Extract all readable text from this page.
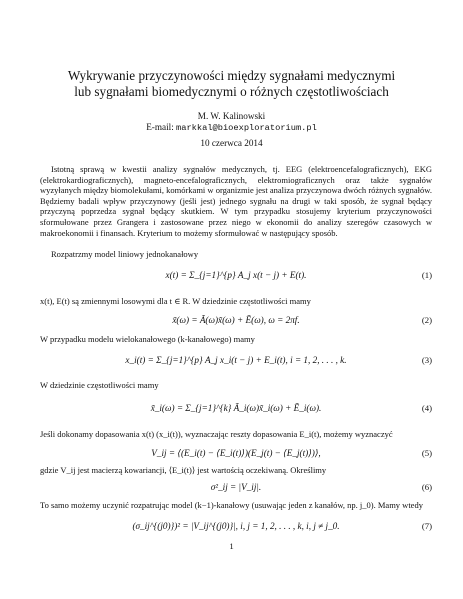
Wykrywanie przyczynowości między sygnałami medycznymi
lub sygnałami biomedycznymi o różnych częstotliwościach
M. W. Kalinowski
E-mail: markkal@bioexploratorium.pl
10 czerwca 2014
Istotną sprawą w kwestii analizy sygnałów medycznych, tj. EEG (elektroencefalograficznych), EKG (elektrokardiograficznych), magneto-encefalograficznych, elektromiograficznych oraz także sygnałów wyzyłanych między biomolekułami, komórkami w organizmie jest analiza przyczynowa dwóch różnych sygnałów. Będziemy badali wpływ przyczynowy (jeśli jest) jednego sygnału na drugi w taki sposób, że sygnał będący przyczyną poprzedza sygnał będący skutkiem. W tym przypadku stosujemy kryterium przyczynowości sformułowane przez Grangera i zastosowane przez niego w ekonomii do analizy szeregów czasowych w makroekonomii i finansach. Kryterium to możemy sformułować w następujący sposób.
Rozpatrzmy model liniowy jednokanałowy
x(t) = Σ_{j=1}^{p} A_j x(t − j) + E(t).	(1)
x(t), E(t) są zmiennymi losowymi dla t ∈ R. W dziedzinie częstotliwości mamy
x̃(ω) = Ã(ω)x̃(ω) + Ẽ(ω), ω = 2πf.	(2)
W przypadku modelu wielokanałowego (k-kanałowego) mamy
x_i(t) = Σ_{j=1}^{p} A_j x_i(t − j) + E_i(t), i = 1, 2, . . . , k.	(3)
W dziedzinie częstotliwości mamy
x̃_i(ω) = Σ_{j=1}^{k} Ã_i(ω)x̃_i(ω) + Ẽ_i(ω).	(4)
Jeśli dokonamy dopasowania x(t) (x_i(t)), wyznaczając reszty dopasowania E_i(t), możemy wyznaczyć
V_ij = ⟨(E_i(t) − ⟨E_i(t)⟩)(E_j(t) − ⟨E_j(t)⟩)⟩,	(5)
gdzie V_ij jest macierzą kowariancji, ⟨E_i(t)⟩ jest wartością oczekiwaną. Określimy
σ²_ij = |V_ij|.	(6)
To samo możemy uczynić rozpatrując model (k−1)-kanałowy (usuwając jeden z kanałów, np. j_0). Mamy wtedy
(σ_ij^{(j0)})² = |V_ij^{(j0)}|, i, j = 1, 2, . . . , k, i, j ≠ j_0.	(7)
1
